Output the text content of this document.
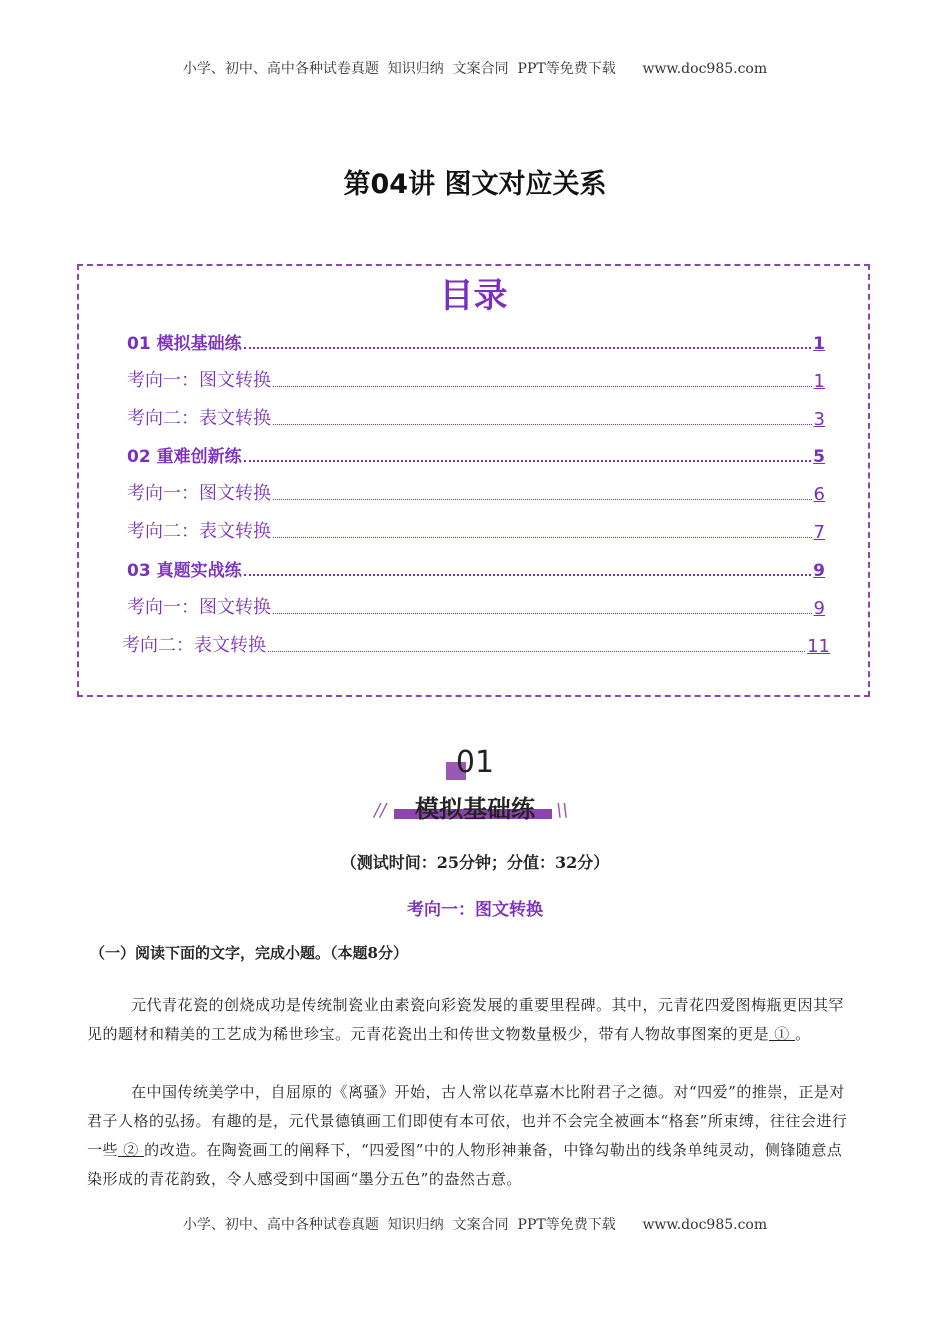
小学、初中、高中各种试卷真题  知识归纳  文案合同  PPT等免费下载      www.doc985.com
第04讲 图文对应关系
目录
01 模拟基础练	1
考向一：图文转换	1
考向二：表文转换	3
02 重难创新练	5
考向一：图文转换	6
考向二：表文转换	7
03 真题实战练	9
考向一：图文转换	9
考向二：表文转换	11
01
//	\\
模拟基础练
（测试时间：25分钟；分值：32分）
考向一：图文转换
（一）阅读下面的文字，完成小题。（本题8分）
元代青花瓷的创烧成功是传统制瓷业由素瓷向彩瓷发展的重要里程碑。其中，元青花四爱图梅瓶更因其罕见的题材和精美的工艺成为稀世珍宝。元青花瓷出土和传世文物数量极少，带有人物故事图案的更是 ① 。
在中国传统美学中，自屈原的《离骚》开始，古人常以花草嘉木比附君子之德。对“四爱”的推崇，正是对君子人格的弘扬。有趣的是，元代景德镇画工们即使有本可依，也并不会完全被画本“格套”所束缚，往往会进行一些 ② 的改造。在陶瓷画工的阐释下，“四爱图”中的人物形神兼备，中锋勾勒出的线条单纯灵动，侧锋随意点染形成的青花韵致，令人感受到中国画“墨分五色”的盎然古意。
小学、初中、高中各种试卷真题  知识归纳  文案合同  PPT等免费下载      www.doc985.com
